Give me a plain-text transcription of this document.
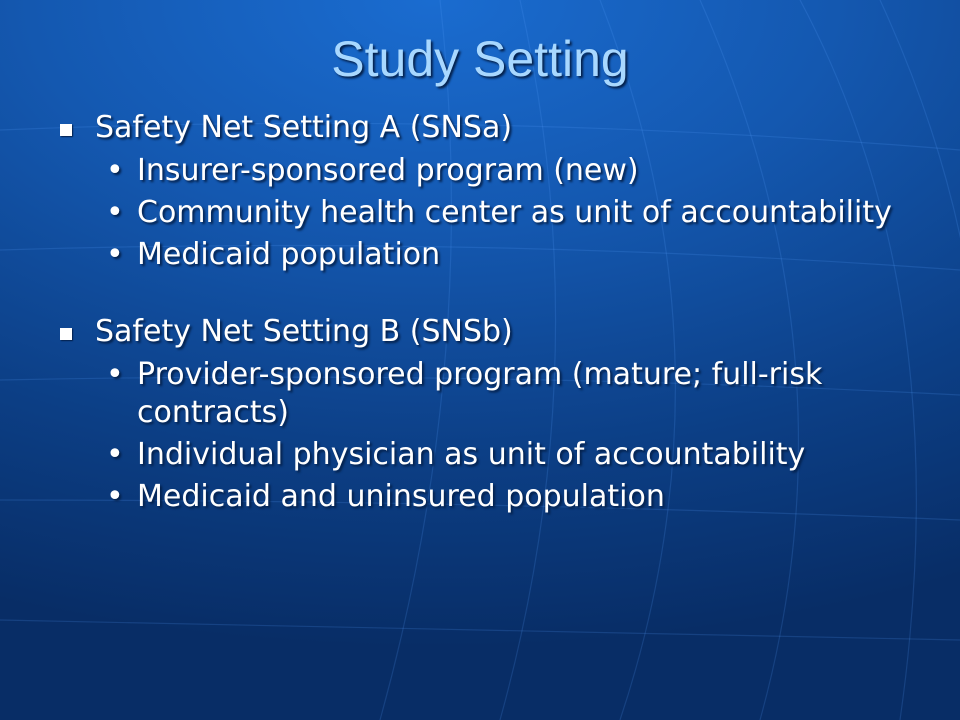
Study Setting
Safety Net Setting A (SNSa)
• Insurer-sponsored program (new)
• Community health center as unit of accountability
• Medicaid population
Safety Net Setting B (SNSb)
• Provider-sponsored program (mature; full-risk contracts)
• Individual physician as unit of accountability
• Medicaid and uninsured population
